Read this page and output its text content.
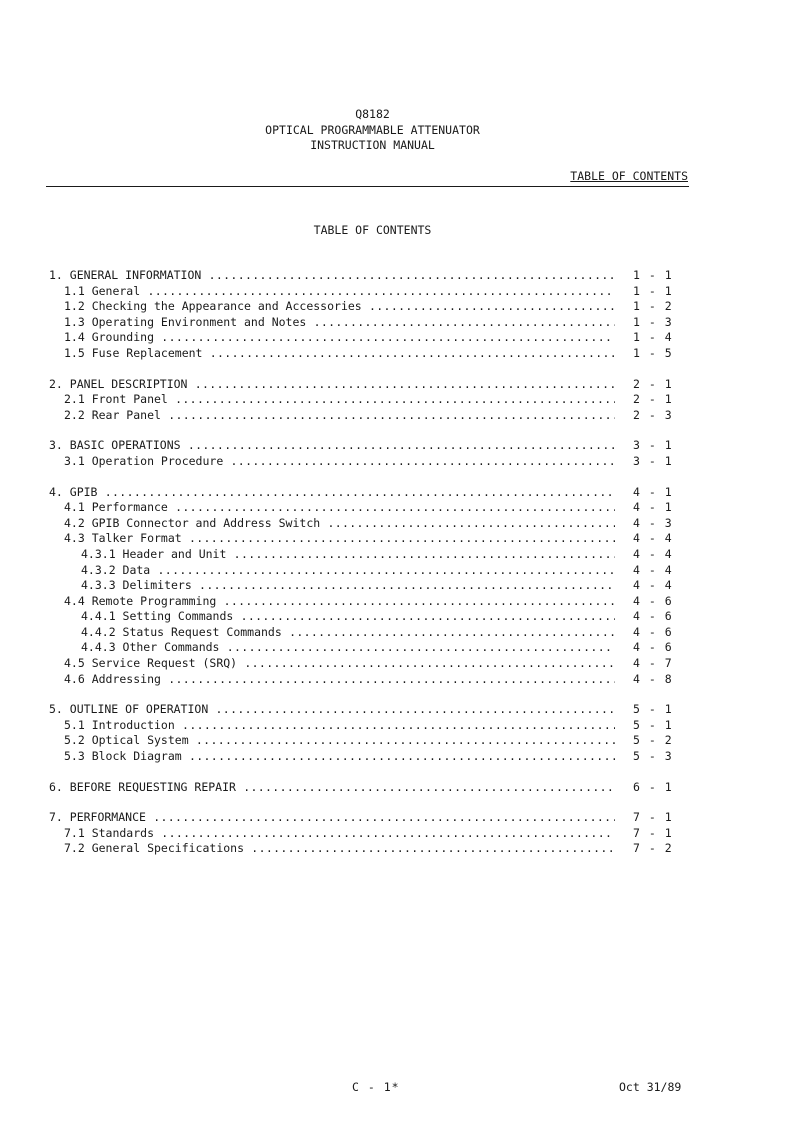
Q8182
OPTICAL PROGRAMMABLE ATTENUATOR
INSTRUCTION MANUAL
TABLE OF CONTENTS
TABLE OF CONTENTS
1. GENERAL INFORMATION .....	1 - 1
1.1 General .....	1 - 1
1.2 Checking the Appearance and Accessories .....	1 - 2
1.3 Operating Environment and Notes .....	1 - 3
1.4 Grounding .....	1 - 4
1.5 Fuse Replacement .....	1 - 5
2. PANEL DESCRIPTION .....	2 - 1
2.1 Front Panel .....	2 - 1
2.2 Rear Panel .....	2 - 3
3. BASIC OPERATIONS .....	3 - 1
3.1 Operation Procedure .....	3 - 1
4. GPIB .....	4 - 1
4.1 Performance .....	4 - 1
4.2 GPIB Connector and Address Switch .....	4 - 3
4.3 Talker Format .....	4 - 4
4.3.1 Header and Unit .....	4 - 4
4.3.2 Data .....	4 - 4
4.3.3 Delimiters .....	4 - 4
4.4 Remote Programming .....	4 - 6
4.4.1 Setting Commands .....	4 - 6
4.4.2 Status Request Commands .....	4 - 6
4.4.3 Other Commands .....	4 - 6
4.5 Service Request (SRQ) .....	4 - 7
4.6 Addressing .....	4 - 8
5. OUTLINE OF OPERATION .....	5 - 1
5.1 Introduction .....	5 - 1
5.2 Optical System .....	5 - 2
5.3 Block Diagram .....	5 - 3
6. BEFORE REQUESTING REPAIR .....	6 - 1
7. PERFORMANCE .....	7 - 1
7.1 Standards .....	7 - 1
7.2 General Specifications .....	7 - 2
C - 1*	Oct 31/89
